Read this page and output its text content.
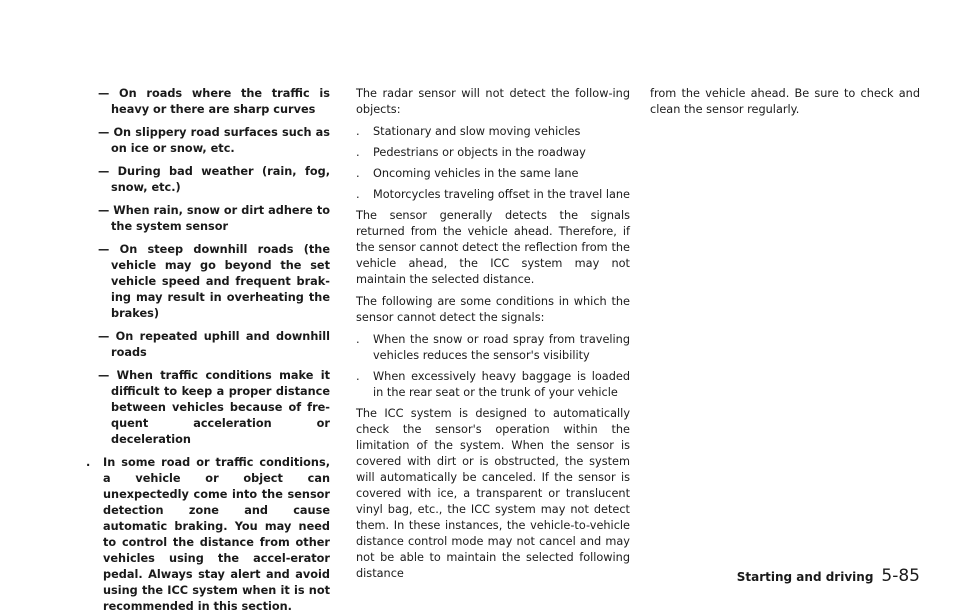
— On roads where the traffic is heavy or there are sharp curves
— On slippery road surfaces such as on ice or snow, etc.
— During bad weather (rain, fog, snow, etc.)
— When rain, snow or dirt adhere to the system sensor
— On steep downhill roads (the vehicle may go beyond the set vehicle speed and frequent brak-ing may result in overheating the brakes)
— On repeated uphill and downhill roads
— When traffic conditions make it difficult to keep a proper distance between vehicles because of fre-quent acceleration or deceleration
. In some road or traffic conditions, a vehicle or object can unexpectedly come into the sensor detection zone and cause automatic braking. You may need to control the distance from other vehicles using the accel-erator pedal. Always stay alert and avoid using the ICC system when it is not recommended in this section.

The radar sensor will not detect the follow-ing objects:

. Stationary and slow moving vehicles
. Pedestrians or objects in the roadway
. Oncoming vehicles in the same lane
. Motorcycles traveling offset in the travel lane

The sensor generally detects the signals returned from the vehicle ahead. Therefore, if the sensor cannot detect the reflection from the vehicle ahead, the ICC system may not maintain the selected distance.

The following are some conditions in which the sensor cannot detect the signals:

. When the snow or road spray from traveling vehicles reduces the sensor's visibility
. When excessively heavy baggage is loaded in the rear seat or the trunk of your vehicle

The ICC system is designed to automatically check the sensor's operation within the limitation of the system. When the sensor is covered with dirt or is obstructed, the system will automatically be canceled. If the sensor is covered with ice, a transparent or translucent vinyl bag, etc., the ICC system may not detect them. In these instances, the vehicle-to-vehicle distance control mode may not cancel and may not be able to maintain the selected following distance

from the vehicle ahead. Be sure to check and clean the sensor regularly.

Starting and driving 5-85
